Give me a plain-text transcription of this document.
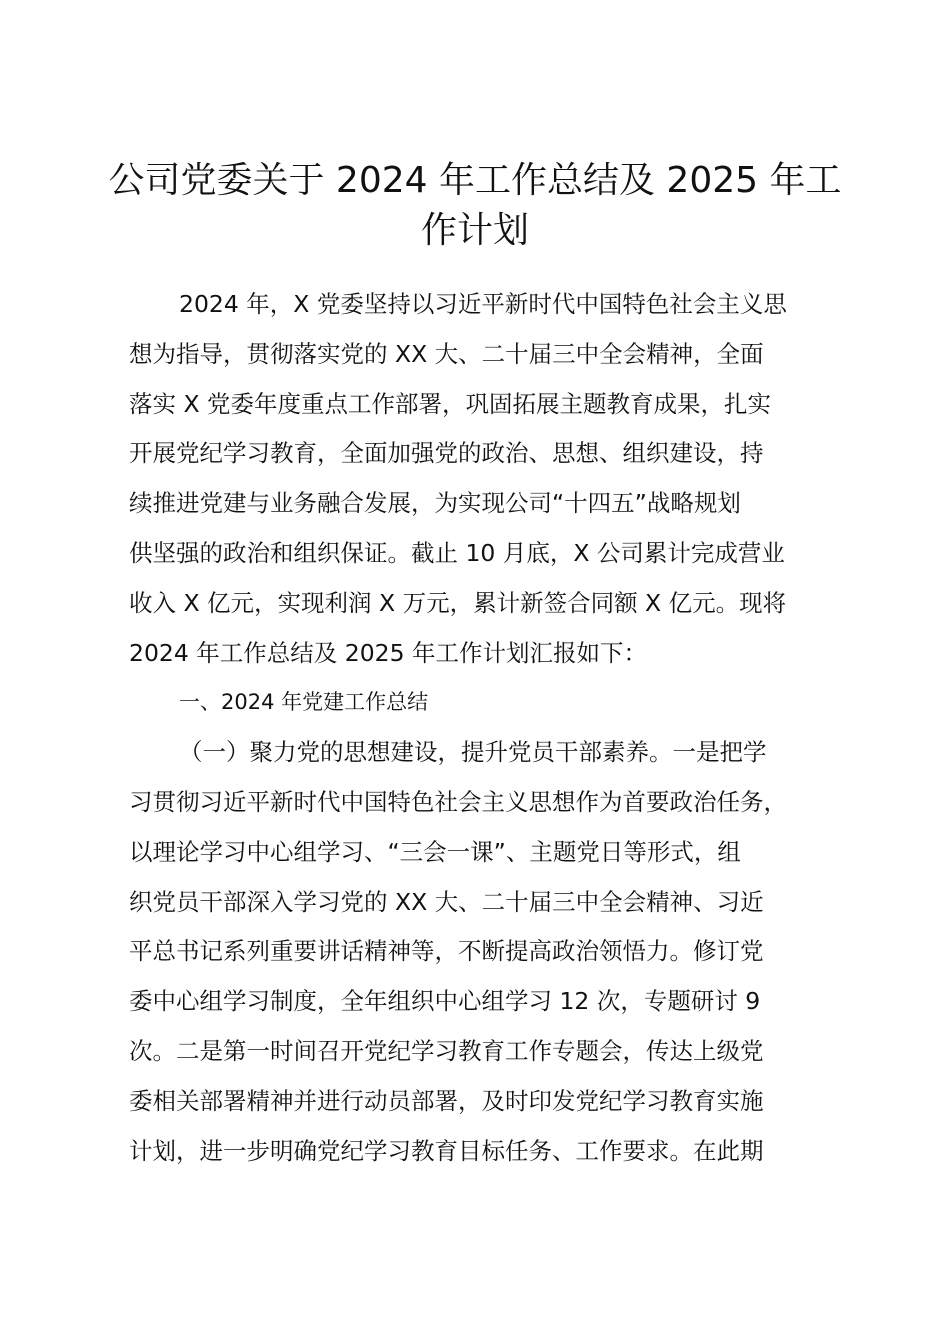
公司党委关于 2024 年工作总结及 2025 年工
作计划
2024 年，X 党委坚持以习近平新时代中国特色社会主义思
想为指导，贯彻落实党的 XX 大、二十届三中全会精神，全面
落实 X 党委年度重点工作部署，巩固拓展主题教育成果，扎实
开展党纪学习教育，全面加强党的政治、思想、组织建设，持
续推进党建与业务融合发展，为实现公司“十四五”战略规划
供坚强的政治和组织保证。截止 10 月底，X 公司累计完成营业
收入 X 亿元，实现利润 X 万元，累计新签合同额 X 亿元。现将
2024 年工作总结及 2025 年工作计划汇报如下：
一、2024 年党建工作总结
（一）聚力党的思想建设，提升党员干部素养。一是把学
习贯彻习近平新时代中国特色社会主义思想作为首要政治任务，
以理论学习中心组学习、“三会一课”、主题党日等形式，组
织党员干部深入学习党的 XX 大、二十届三中全会精神、习近
平总书记系列重要讲话精神等，不断提高政治领悟力。修订党
委中心组学习制度，全年组织中心组学习 12 次，专题研讨 9
次。二是第一时间召开党纪学习教育工作专题会，传达上级党
委相关部署精神并进行动员部署，及时印发党纪学习教育实施
计划，进一步明确党纪学习教育目标任务、工作要求。在此期
